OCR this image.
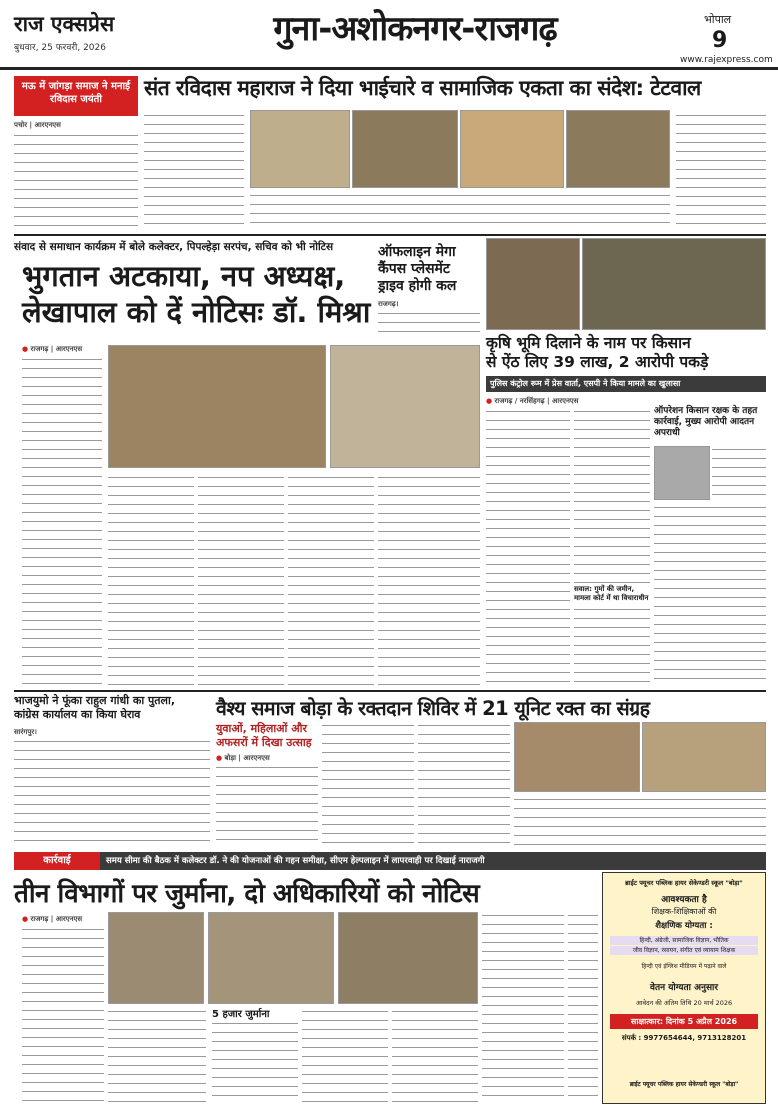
राज एक्सप्रेस
बुधवार, 25 फरवरी, 2026	गुना-अशोकनगर-राजगढ़	भोपाल
9
www.rajexpress.com
मऊ में जांगड़ा समाज ने मनाई रविदास जयंती	संत रविदास महाराज ने दिया भाईचारे व सामाजिक एकता का संदेश: टेटवाल
पचोर | आरएनएस
संवाद से समाधान कार्यक्रम में बोले कलेक्टर, पिपल्हेड़ा सरपंच, सचिव को भी नोटिस
भुगतान अटकाया, नप अध्यक्ष,
लेखापाल को दें नोटिसः डॉ. मिश्रा
● राजगढ़ | आरएनएस
ऑफलाइन मेगा
कैंपस प्लेसमेंट
ड्राइव होगी कल
राजगढ़।
कृषि भूमि दिलाने के नाम पर किसान
से ऐंठ लिए 39 लाख, 2 आरोपी पकड़े
पुलिस कंट्रोल रूम में प्रेस वार्ता, एसपी ने किया मामले का खुलासा
● राजगढ़ / नरसिंहगढ़ | आरएनएस
सवाल: गुमों की जमीन, मामला कोर्ट में था विचाराधीन
ऑपरेशन किसान रक्षक के तहत कार्रवाई, मुख्य आरोपी आदतन अपराधी
भाजयुमो ने फूंका राहुल गांधी का पुतला,
कांग्रेस कार्यालय का किया घेराव
सारंगपुर।
वैश्य समाज बोड़ा के रक्तदान शिविर में 21 यूनिट रक्त का संग्रह
युवाओं, महिलाओं और
अफसरों में दिखा उत्साह
● बोड़ा | आरएनएस
कार्रवाई	समय सीमा की बैठक में कलेक्टर डॉ. ने की योजनाओं की गहन समीक्षा, सीएम हेल्पलाइन में लापरवाही पर दिखाई नाराजगी
तीन विभागों पर जुर्माना, दो अधिकारियों को नोटिस
● राजगढ़ | आरएनएस
5 हजार जुर्माना
ब्राईट फ्यूचर पब्लिक हायर सेकेण्डरी स्कूल "बोड़ा"
आवश्यकता है
शिक्षक-शिक्षिकाओं की
शैक्षणिक योग्यता :
हिन्दी, अंग्रेजी, सामाजिक विज्ञान, भौतिक
जीव विज्ञान, रसायन, संगीत एवं व्यायाम शिक्षक
हिन्दी एवं इंग्लिश मीडियम में पढ़ाने वाले
वेतन योग्यता अनुसार
आवेदन की अंतिम तिथि 20 मार्च 2026
साक्षात्कार: दिनांक 5 अप्रैल 2026
संपर्क : 9977654644, 9713128201
ब्राईट फ्यूचर पब्लिक हायर सेकेण्डरी स्कूल "बोड़ा"
